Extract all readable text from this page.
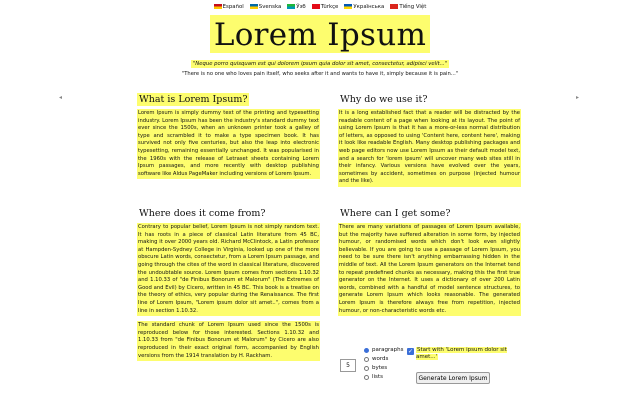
Español	Svenska	Ўзб	Türkçe	Українська	Tiếng Việt
Lorem Ipsum
"Neque porro quisquam est qui dolorem ipsum quia dolor sit amet, consectetur, adipisci velit..."
"There is no one who loves pain itself, who seeks after it and wants to have it, simply because it is pain..."
◂	▸
What is Lorem Ipsum?

Lorem Ipsum is simply dummy text of the printing and typesetting industry. Lorem Ipsum has been the industry's standard dummy text ever since the 1500s, when an unknown printer took a galley of type and scrambled it to make a type specimen book. It has survived not only five centuries, but also the leap into electronic typesetting, remaining essentially unchanged. It was popularised in the 1960s with the release of Letraset sheets containing Lorem Ipsum passages, and more recently with desktop publishing software like Aldus PageMaker including versions of Lorem Ipsum.

Why do we use it?

It is a long established fact that a reader will be distracted by the readable content of a page when looking at its layout. The point of using Lorem Ipsum is that it has a more-or-less normal distribution of letters, as opposed to using 'Content here, content here', making it look like readable English. Many desktop publishing packages and web page editors now use Lorem Ipsum as their default model text, and a search for 'lorem ipsum' will uncover many web sites still in their infancy. Various versions have evolved over the years, sometimes by accident, sometimes on purpose (injected humour and the like).

Where does it come from?

Contrary to popular belief, Lorem Ipsum is not simply random text. It has roots in a piece of classical Latin literature from 45 BC, making it over 2000 years old. Richard McClintock, a Latin professor at Hampden-Sydney College in Virginia, looked up one of the more obscure Latin words, consectetur, from a Lorem Ipsum passage, and going through the cites of the word in classical literature, discovered the undoubtable source. Lorem Ipsum comes from sections 1.10.32 and 1.10.33 of "de Finibus Bonorum et Malorum" (The Extremes of Good and Evil) by Cicero, written in 45 BC. This book is a treatise on the theory of ethics, very popular during the Renaissance. The first line of Lorem Ipsum, "Lorem ipsum dolor sit amet..", comes from a line in section 1.10.32.

The standard chunk of Lorem Ipsum used since the 1500s is reproduced below for those interested. Sections 1.10.32 and 1.10.33 from "de Finibus Bonorum et Malorum" by Cicero are also reproduced in their exact original form, accompanied by English versions from the 1914 translation by H. Rackham.

Where can I get some?

There are many variations of passages of Lorem Ipsum available, but the majority have suffered alteration in some form, by injected humour, or randomised words which don't look even slightly believable. If you are going to use a passage of Lorem Ipsum, you need to be sure there isn't anything embarrassing hidden in the middle of text. All the Lorem Ipsum generators on the Internet tend to repeat predefined chunks as necessary, making this the first true generator on the Internet. It uses a dictionary of over 200 Latin words, combined with a handful of model sentence structures, to generate Lorem Ipsum which looks reasonable. The generated Lorem Ipsum is therefore always free from repetition, injected humour, or non-characteristic words etc.

5
paragraphs
words
bytes
lists
✓ Start with 'Lorem ipsum dolor sit amet...'
Generate Lorem Ipsum
